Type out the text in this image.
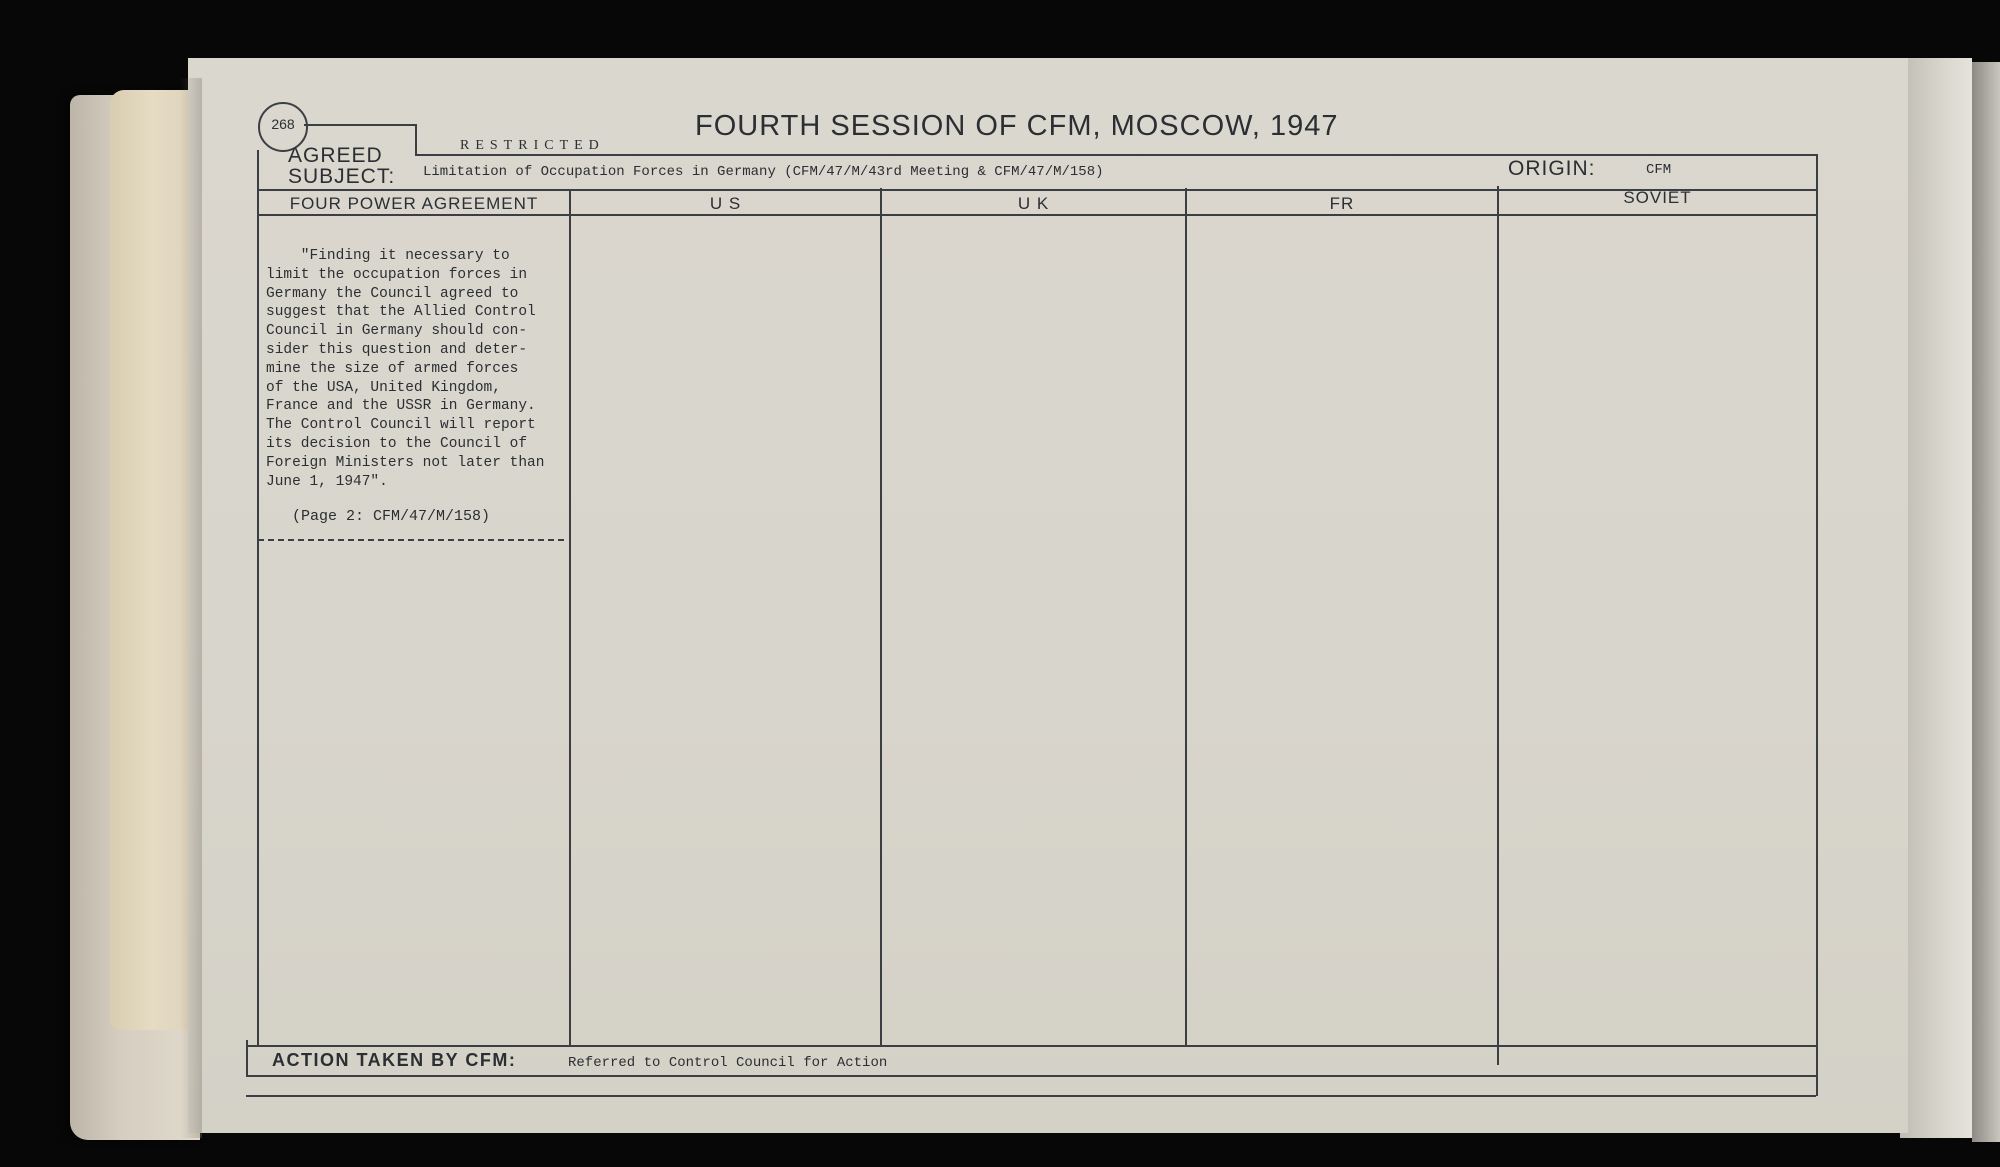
268	FOURTH SESSION OF CFM, MOSCOW, 1947
RESTRICTED
AGREED
SUBJECT: Limitation of Occupation Forces in Germany (CFM/47/M/43rd Meeting & CFM/47/M/158)	ORIGIN:	CFM
FOUR POWER AGREEMENT	U S	U K	FR	SOVIET
"Finding it necessary to
limit the occupation forces in
Germany the Council agreed to
suggest that the Allied Control
Council in Germany should con-
sider this question and deter-
mine the size of armed forces
of the USA, United Kingdom,
France and the USSR in Germany.
The Control Council will report
its decision to the Council of
Foreign Ministers not later than
June 1, 1947".
(Page 2: CFM/47/M/158)
ACTION TAKEN BY CFM:	Referred to Control Council for Action
